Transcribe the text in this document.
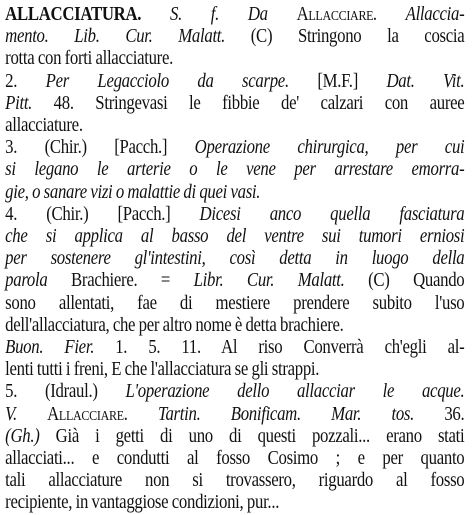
ALLACCIATURA. S. f. Da Allacciare. Allaccia-
mento. Lib. Cur. Malatt. (C) Stringono la coscia
rotta con forti allacciature.
2. Per Legacciolo da scarpe. [M.F.] Dat. Vit.
Pitt. 48. Stringevasi le fibbie de' calzari con auree
allacciature.
3. (Chir.) [Pacch.] Operazione chirurgica, per cui
si legano le arterie o le vene per arrestare emorra-
gie, o sanare vizi o malattie di quei vasi.
4. (Chir.) [Pacch.] Dicesi anco quella fasciatura
che si applica al basso del ventre sui tumori erniosi
per sostenere gl'intestini, così detta in luogo della
parola Brachiere. = Libr. Cur. Malatt. (C) Quando
sono allentati, fae di mestiere prendere subito l'uso
dell'allacciatura, che per altro nome è detta brachiere.
Buon. Fier. 1. 5. 11. Al riso Converrà ch'egli al-
lenti tutti i freni, E che l'allacciatura se gli strappi.
5. (Idraul.) L'operazione dello allacciar le acque.
V. Allacciare. Tartin. Bonificam. Mar. tos. 36.
(Gh.) Già i getti di uno di questi pozzali... erano stati
allacciati... e condutti al fosso Cosimo ; e per quanto
tali allacciature non si trovassero, riguardo al fosso
recipiente, in vantaggiose condizioni, pur...
